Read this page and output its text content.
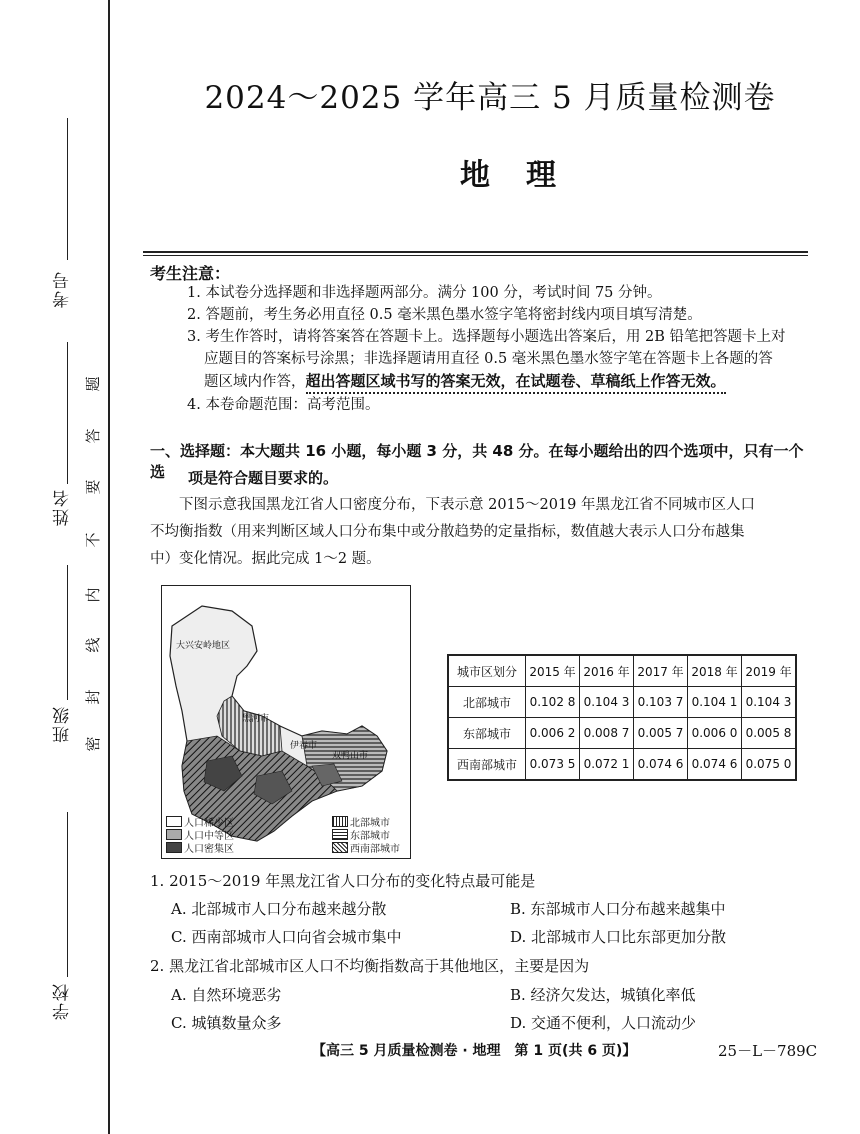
考号
姓名
班级
学校
密
封
线
内
不
要
答
题
2024～2025 学年高三 5 月质量检测卷
地理
考生注意：
1. 本试卷分选择题和非选择题两部分。满分 100 分，考试时间 75 分钟。
2. 答题前，考生务必用直径 0.5 毫米黑色墨水签字笔将密封线内项目填写清楚。
3. 考生作答时，请将答案答在答题卡上。选择题每小题选出答案后，用 2B 铅笔把答题卡上对
应题目的答案标号涂黑；非选择题请用直径 0.5 毫米黑色墨水签字笔在答题卡上各题的答
题区域内作答，超出答题区域书写的答案无效，在试题卷、草稿纸上作答无效。
4. 本卷命题范围：高考范围。
一、选择题：本大题共 16 小题，每小题 3 分，共 48 分。在每小题给出的四个选项中，只有一个选	项是符合题目要求的。
下图示意我国黑龙江省人口密度分布，下表示意 2015～2019 年黑龙江省不同城市区人口
不均衡指数（用来判断区域人口分布集中或分散趋势的定量指标，数值越大表示人口分布越集
中）变化情况。据此完成 1～2 题。
大兴安岭地区
黑河市
伊春市
双鸭山市
人口稀少区
人口中等区
人口密集区
北部城市
东部城市
西南部城市
城市区划分	2015 年	2016 年	2017 年	2018 年	2019 年
北部城市	0.102 8	0.104 3	0.103 7	0.104 1	0.104 3
东部城市	0.006 2	0.008 7	0.005 7	0.006 0	0.005 8
西南部城市	0.073 5	0.072 1	0.074 6	0.074 6	0.075 0
1. 2015～2019 年黑龙江省人口分布的变化特点最可能是
A. 北部城市人口分布越来越分散	B. 东部城市人口分布越来越集中
C. 西南部城市人口向省会城市集中	D. 北部城市人口比东部更加分散
2. 黑龙江省北部城市区人口不均衡指数高于其他地区，主要是因为
A. 自然环境恶劣	B. 经济欠发达，城镇化率低
C. 城镇数量众多	D. 交通不便利，人口流动少
【高三 5 月质量检测卷 · 地理　第 1 页(共 6 页)】	25－L－789C
